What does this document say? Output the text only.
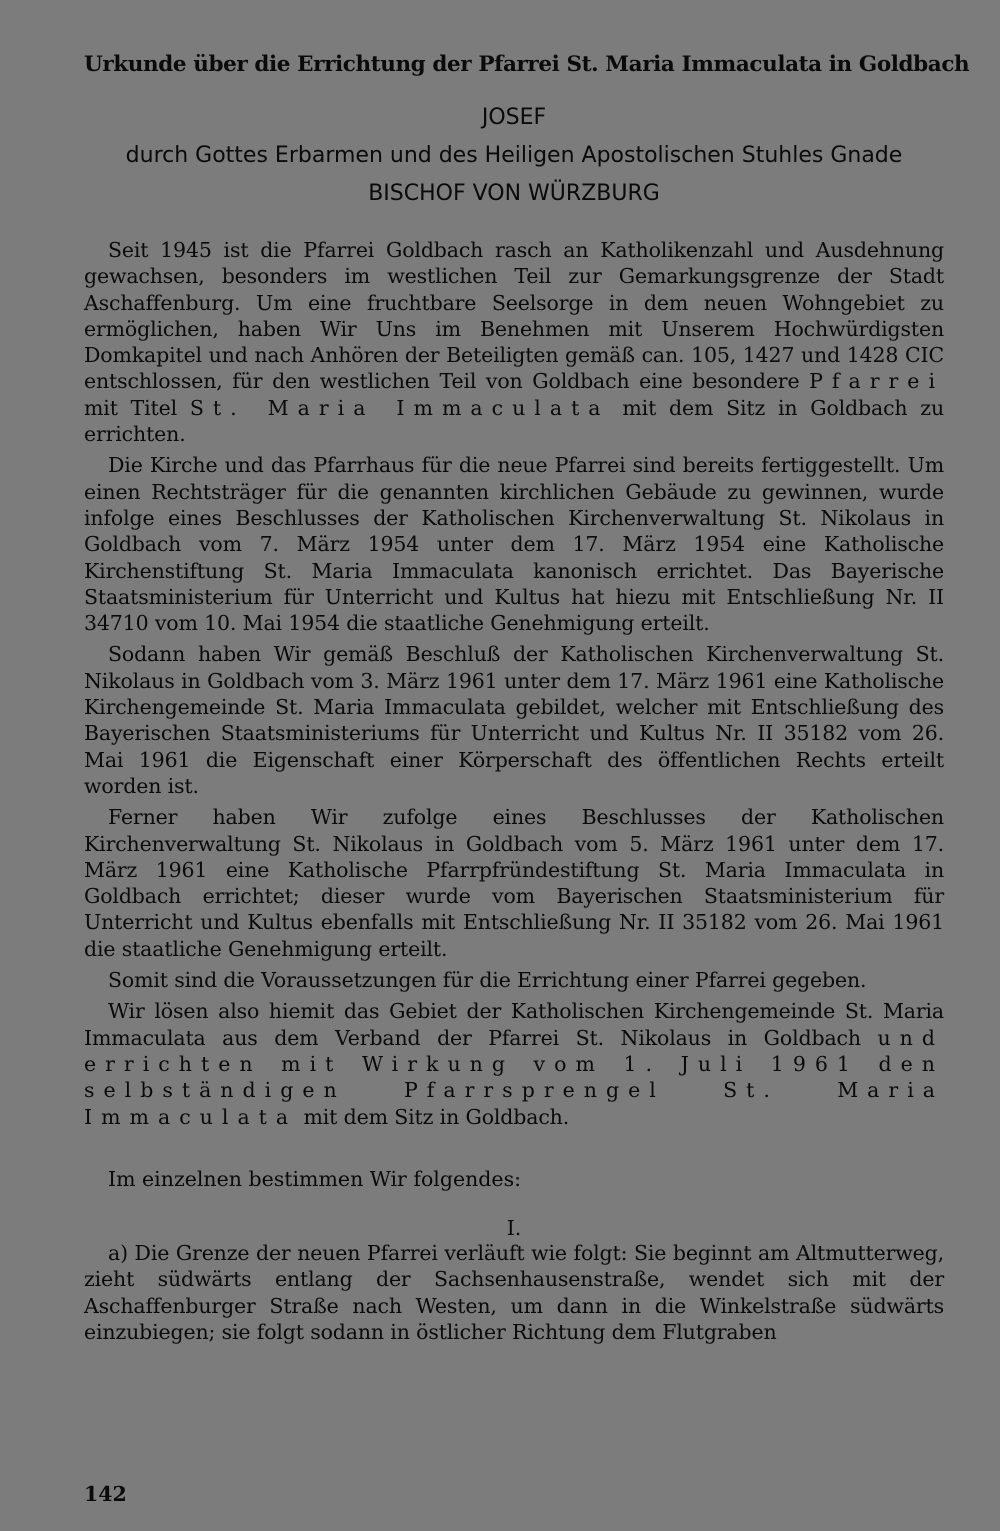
Urkunde über die Errichtung der Pfarrei St. Maria Immaculata in Goldbach
JOSEF
durch Gottes Erbarmen und des Heiligen Apostolischen Stuhles Gnade
BISCHOF VON WÜRZBURG

Seit 1945 ist die Pfarrei Goldbach rasch an Katholikenzahl und Ausdehnung gewachsen, besonders im westlichen Teil zur Gemarkungsgrenze der Stadt Aschaffenburg. Um eine fruchtbare Seelsorge in dem neuen Wohngebiet zu ermöglichen, haben Wir Uns im Benehmen mit Unserem Hochwürdigsten Domkapitel und nach Anhören der Beteiligten gemäß can. 105, 1427 und 1428 CIC entschlossen, für den westlichen Teil von Goldbach eine besondere Pfarrei mit Titel St. Maria Immaculata mit dem Sitz in Goldbach zu errichten.

Die Kirche und das Pfarrhaus für die neue Pfarrei sind bereits fertiggestellt. Um einen Rechtsträger für die genannten kirchlichen Gebäude zu gewinnen, wurde infolge eines Beschlusses der Katholischen Kirchenverwaltung St. Nikolaus in Goldbach vom 7. März 1954 unter dem 17. März 1954 eine Katholische Kirchenstiftung St. Maria Immaculata kanonisch errichtet. Das Bayerische Staatsministerium für Unterricht und Kultus hat hiezu mit Entschließung Nr. II 34710 vom 10. Mai 1954 die staatliche Genehmigung erteilt.

Sodann haben Wir gemäß Beschluß der Katholischen Kirchenverwaltung St. Nikolaus in Goldbach vom 3. März 1961 unter dem 17. März 1961 eine Katholische Kirchengemeinde St. Maria Immaculata gebildet, welcher mit Entschließung des Bayerischen Staatsministeriums für Unterricht und Kultus Nr. II 35182 vom 26. Mai 1961 die Eigenschaft einer Körperschaft des öffentlichen Rechts erteilt worden ist.

Ferner haben Wir zufolge eines Beschlusses der Katholischen Kirchenverwaltung St. Nikolaus in Goldbach vom 5. März 1961 unter dem 17. März 1961 eine Katholische Pfarrpfründestiftung St. Maria Immaculata in Goldbach errichtet; dieser wurde vom Bayerischen Staatsministerium für Unterricht und Kultus ebenfalls mit Entschließung Nr. II 35182 vom 26. Mai 1961 die staatliche Genehmigung erteilt.

Somit sind die Voraussetzungen für die Errichtung einer Pfarrei gegeben.

Wir lösen also hiemit das Gebiet der Katholischen Kirchengemeinde St. Maria Immaculata aus dem Verband der Pfarrei St. Nikolaus in Goldbach und errichten mit Wirkung vom 1. Juli 1961 den selbständigen Pfarrsprengel St. Maria Immaculata mit dem Sitz in Goldbach.

Im einzelnen bestimmen Wir folgendes:
I.

a) Die Grenze der neuen Pfarrei verläuft wie folgt: Sie beginnt am Altmutterweg, zieht südwärts entlang der Sachsenhausenstraße, wendet sich mit der Aschaffenburger Straße nach Westen, um dann in die Winkelstraße südwärts einzubiegen; sie folgt sodann in östlicher Richtung dem Flutgraben

142
